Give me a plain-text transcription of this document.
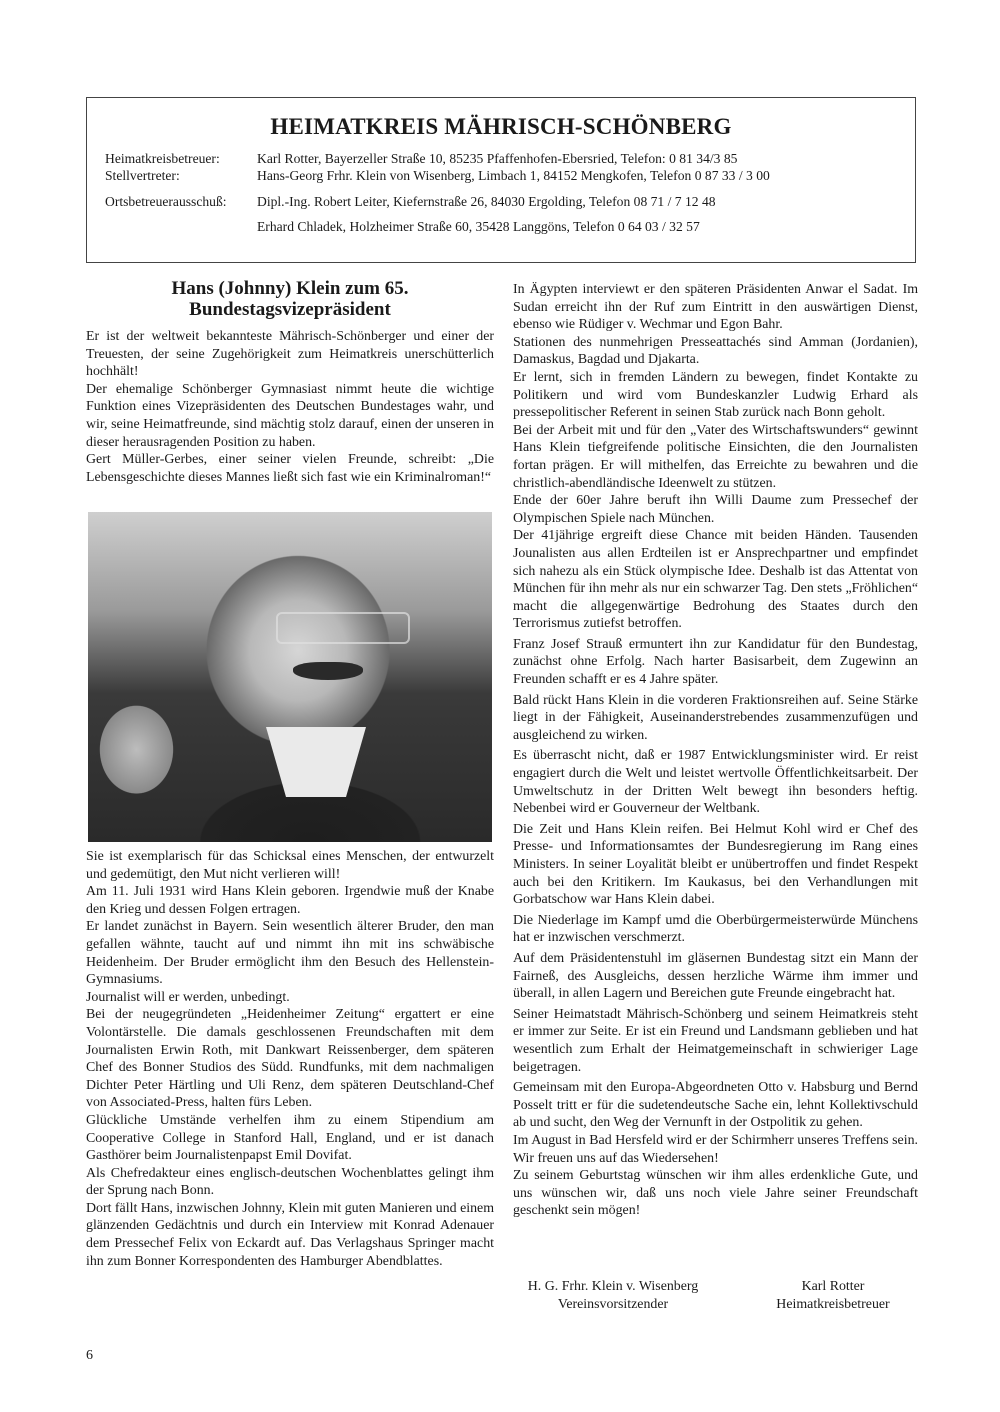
HEIMATKREIS MÄHRISCH-SCHÖNBERG
Heimatkreisbetreuer:	Karl Rotter, Bayerzeller Straße 10, 85235 Pfaffenhofen-Ebersried, Telefon: 0 81 34/3 85
Stellvertreter:	Hans-Georg Frhr. Klein von Wisenberg, Limbach 1, 84152 Mengkofen, Telefon 0 87 33 / 3 00
Ortsbetreuerausschuß: Dipl.-Ing. Robert Leiter, Kiefernstraße 26, 84030 Ergolding, Telefon 08 71 / 7 12 48
Erhard Chladek, Holzheimer Straße 60, 35428 Langgöns, Telefon 0 64 03 / 32 57
Hans (Johnny) Klein zum 65.
Bundestagsvizepräsident

Er ist der weltweit bekannteste Mährisch-Schönberger und einer der Treuesten, der seine Zugehörigkeit zum Heimatkreis unerschütterlich hochhält!

Der ehemalige Schönberger Gymnasiast nimmt heute die wichtige Funktion eines Vizepräsidenten des Deutschen Bundestages wahr, und wir, seine Heimatfreunde, sind mächtig stolz darauf, einen der unseren in dieser herausragenden Position zu haben.

Gert Müller-Gerbes, einer seiner vielen Freunde, schreibt: „Die Lebensgeschichte dieses Mannes ließt sich fast wie ein Kriminalroman!“

Sie ist exemplarisch für das Schicksal eines Menschen, der entwurzelt und gedemütigt, den Mut nicht verlieren will!

Am 11. Juli 1931 wird Hans Klein geboren. Irgendwie muß der Knabe den Krieg und dessen Folgen ertragen.

Er landet zunächst in Bayern. Sein wesentlich älterer Bruder, den man gefallen wähnte, taucht auf und nimmt ihn mit ins schwäbische Heidenheim. Der Bruder ermöglicht ihm den Besuch des Hellenstein-Gymnasiums.

Journalist will er werden, unbedingt.

Bei der neugegründeten „Heidenheimer Zeitung“ ergattert er eine Volontärstelle. Die damals geschlossenen Freundschaften mit dem Journalisten Erwin Roth, mit Dankwart Reissenberger, dem späteren Chef des Bonner Studios des Südd. Rundfunks, mit dem nachmaligen Dichter Peter Härtling und Uli Renz, dem späteren Deutschland-Chef von Associated-Press, halten fürs Leben.

Glückliche Umstände verhelfen ihm zu einem Stipendium am Cooperative College in Stanford Hall, England, und er ist danach Gasthörer beim Journalistenpapst Emil Dovifat.

Als Chefredakteur eines englisch-deutschen Wochenblattes gelingt ihm der Sprung nach Bonn.

Dort fällt Hans, inzwischen Johnny, Klein mit guten Manieren und einem glänzenden Gedächtnis und durch ein Interview mit Konrad Adenauer dem Pressechef Felix von Eckardt auf. Das Verlagshaus Springer macht ihn zum Bonner Korrespondenten des Hamburger Abendblattes.

In Ägypten interviewt er den späteren Präsidenten Anwar el Sadat. Im Sudan erreicht ihn der Ruf zum Eintritt in den auswärtigen Dienst, ebenso wie Rüdiger v. Wechmar und Egon Bahr.

Stationen des nunmehrigen Presseattachés sind Amman (Jordanien), Damaskus, Bagdad und Djakarta.

Er lernt, sich in fremden Ländern zu bewegen, findet Kontakte zu Politikern und wird vom Bundeskanzler Ludwig Erhard als pressepolitischer Referent in seinen Stab zurück nach Bonn geholt.

Bei der Arbeit mit und für den „Vater des Wirtschaftswunders“ gewinnt Hans Klein tiefgreifende politische Einsichten, die den Journalisten fortan prägen. Er will mithelfen, das Erreichte zu bewahren und die christlich-abendländische Ideenwelt zu stützen.

Ende der 60er Jahre beruft ihn Willi Daume zum Pressechef der Olympischen Spiele nach München.

Der 41jährige ergreift diese Chance mit beiden Händen. Tausenden Jounalisten aus allen Erdteilen ist er Ansprechpartner und empfindet sich nahezu als ein Stück olympische Idee. Deshalb ist das Attentat von München für ihn mehr als nur ein schwarzer Tag. Den stets „Fröhlichen“ macht die allgegenwärtige Bedrohung des Staates durch den Terrorismus zutiefst betroffen.

Franz Josef Strauß ermuntert ihn zur Kandidatur für den Bundestag, zunächst ohne Erfolg. Nach harter Basisarbeit, dem Zugewinn an Freunden schafft er es 4 Jahre später.

Bald rückt Hans Klein in die vorderen Fraktionsreihen auf. Seine Stärke liegt in der Fähigkeit, Auseinanderstrebendes zusammenzufügen und ausgleichend zu wirken.

Es überrascht nicht, daß er 1987 Entwicklungsminister wird. Er reist engagiert durch die Welt und leistet wertvolle Öffentlichkeitsarbeit. Der Umweltschutz in der Dritten Welt bewegt ihn besonders heftig. Nebenbei wird er Gouverneur der Weltbank.

Die Zeit und Hans Klein reifen. Bei Helmut Kohl wird er Chef des Presse- und Informationsamtes der Bundesregierung im Rang eines Ministers. In seiner Loyalität bleibt er unübertroffen und findet Respekt auch bei den Kritikern. Im Kaukasus, bei den Verhandlungen mit Gorbatschow war Hans Klein dabei.

Die Niederlage im Kampf umd die Oberbürgermeisterwürde Münchens hat er inzwischen verschmerzt.

Auf dem Präsidentenstuhl im gläsernen Bundestag sitzt ein Mann der Fairneß, des Ausgleichs, dessen herzliche Wärme ihm immer und überall, in allen Lagern und Bereichen gute Freunde eingebracht hat.

Seiner Heimatstadt Mährisch-Schönberg und seinem Heimatkreis steht er immer zur Seite. Er ist ein Freund und Landsmann geblieben und hat wesentlich zum Erhalt der Heimatgemeinschaft in schwieriger Lage beigetragen.

Gemeinsam mit den Europa-Abgeordneten Otto v. Habsburg und Bernd Posselt tritt er für die sudetendeutsche Sache ein, lehnt Kollektivschuld ab und sucht, den Weg der Vernunft in der Ostpolitik zu gehen.

Im August in Bad Hersfeld wird er der Schirmherr unseres Treffens sein. Wir freuen uns auf das Wiedersehen!

Zu seinem Geburtstag wünschen wir ihm alles erdenkliche Gute, und uns wünschen wir, daß uns noch viele Jahre seiner Freundschaft geschenkt sein mögen!

H. G. Frhr. Klein v. Wisenberg
Vereinsvorsitzender
Karl Rotter
Heimatkreisbetreuer
6
